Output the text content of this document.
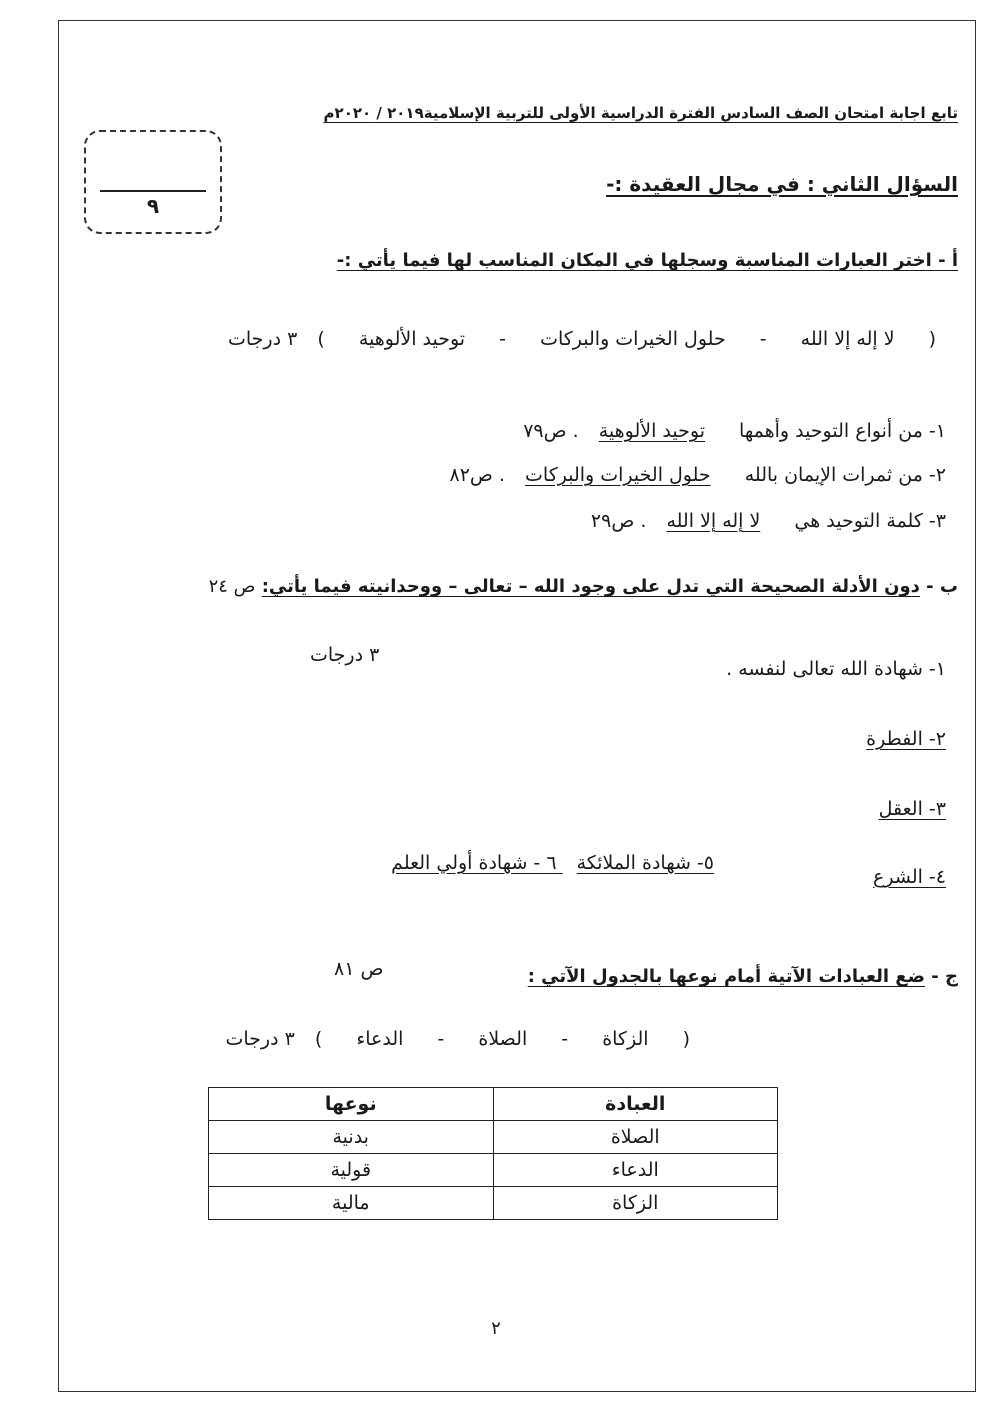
تابع اجابة امتحان الصف السادس الفترة الدراسية الأولى للتربية الإسلامية٢٠١٩ / ٢٠٢٠م
٩
السؤال الثاني : في مجال العقيدة :-
أ - اختر العبارات المناسبة وسجلها في المكان المناسب لها فيما يأتي :-
( لا إله إلا الله - حلول الخيرات والبركات - توحيد الألوهية ) ٣ درجات
١- من أنواع التوحيد وأهمها توحيد الألوهية . ص٧٩
٢- من ثمرات الإيمان بالله حلول الخيرات والبركات . ص٨٢
٣- كلمة التوحيد هي لا إله إلا الله . ص٢٩
ب - دون الأدلة الصحيحة التي تدل على وجود الله – تعالى – ووحدانيته فيما يأتي: ص ٢٤
١- شهادة الله تعالى لنفسه .
٣ درجات
٢- الفطرة
٣- العقل
٤- الشرع
٥- شهادة الملائكة ٦ - شهادة أولي العلم
ج - ضع العبادات الآتية أمام نوعها بالجدول الآتي :
ص ٨١
( الزكاة - الصلاة - الدعاء ) ٣ درجات
العبادة	نوعها
الصلاة	بدنية
الدعاء	قولية
الزكاة	مالية
٢
